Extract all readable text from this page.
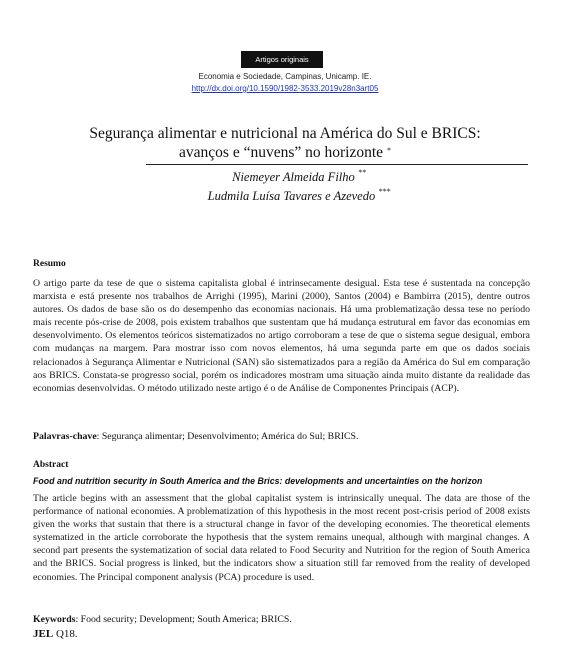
Artigos originais
Economia e Sociedade, Campinas, Unicamp. IE.
http://dx.doi.org/10.1590/1982-3533.2019v28n3art05
Segurança alimentar e nutricional na América do Sul e BRICS:
avanços e “nuvens” no horizonte *
Niemeyer Almeida Filho **
Ludmila Luísa Tavares e Azevedo ***
Resumo
O artigo parte da tese de que o sistema capitalista global é intrinsecamente desigual. Esta tese é sustentada na concepção marxista e está presente nos trabalhos de Arrighi (1995), Marini (2000), Santos (2004) e Bambirra (2015), dentre outros autores. Os dados de base são os do desempenho das economias nacionais. Há uma problematização dessa tese no período mais recente pós-crise de 2008, pois existem trabalhos que sustentam que há mudança estrutural em favor das economias em desenvolvimento. Os elementos teóricos sistematizados no artigo corroboram a tese de que o sistema segue desigual, embora com mudanças na margem. Para mostrar isso com novos elementos, há uma segunda parte em que os dados sociais relacionados à Segurança Alimentar e Nutricional (SAN) são sistematizados para a região da América do Sul em comparação aos BRICS. Constata-se progresso social, porém os indicadores mostram uma situação ainda muito distante da realidade das economias desenvolvidas. O método utilizado neste artigo é o de Análise de Componentes Principais (ACP).
Palavras-chave: Segurança alimentar; Desenvolvimento; América do Sul; BRICS.
Abstract
Food and nutrition security in South America and the Brics: developments and uncertainties on the horizon
The article begins with an assessment that the global capitalist system is intrinsically unequal. The data are those of the performance of national economies. A problematization of this hypothesis in the most recent post-crisis period of 2008 exists given the works that sustain that there is a structural change in favor of the developing economies. The theoretical elements systematized in the article corroborate the hypothesis that the system remains unequal, although with marginal changes. A second part presents the systematization of social data related to Food Security and Nutrition for the region of South America and the BRICS. Social progress is linked, but the indicators show a situation still far removed from the reality of developed economies. The Principal component analysis (PCA) procedure is used.
Keywords: Food security; Development; South America; BRICS.
JEL Q18.
